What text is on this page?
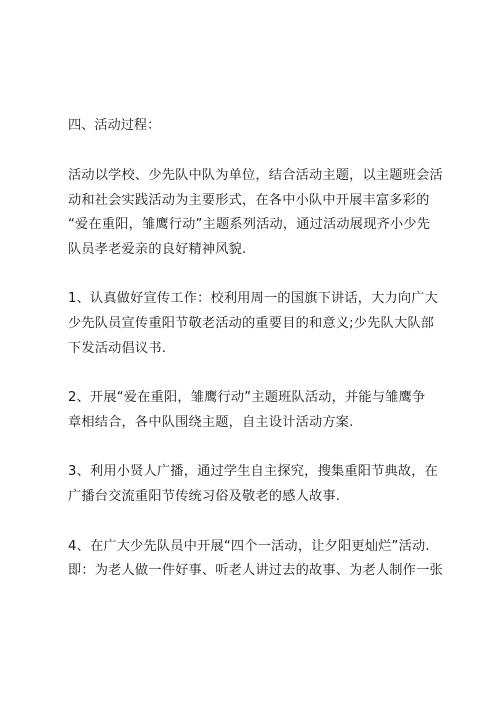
四、活动过程：
活动以学校、少先队中队为单位，结合活动主题，以主题班会活
动和社会实践活动为主要形式，在各中小队中开展丰富多彩的
“爱在重阳，雏鹰行动”主题系列活动，通过活动展现齐小少先
队员孝老爱亲的良好精神风貌.
1、认真做好宣传工作：校利用周一的国旗下讲话，大力向广大
少先队员宣传重阳节敬老活动的重要目的和意义;少先队大队部
下发活动倡议书.
2、开展“爱在重阳，雏鹰行动”主题班队活动，并能与雏鹰争
章相结合，各中队围绕主题，自主设计活动方案.
3、利用小贤人广播，通过学生自主探究，搜集重阳节典故，在
广播台交流重阳节传统习俗及敬老的感人故事.
4、在广大少先队员中开展“四个一活动，让夕阳更灿烂”活动.
即：为老人做一件好事、听老人讲过去的故事、为老人制作一张
